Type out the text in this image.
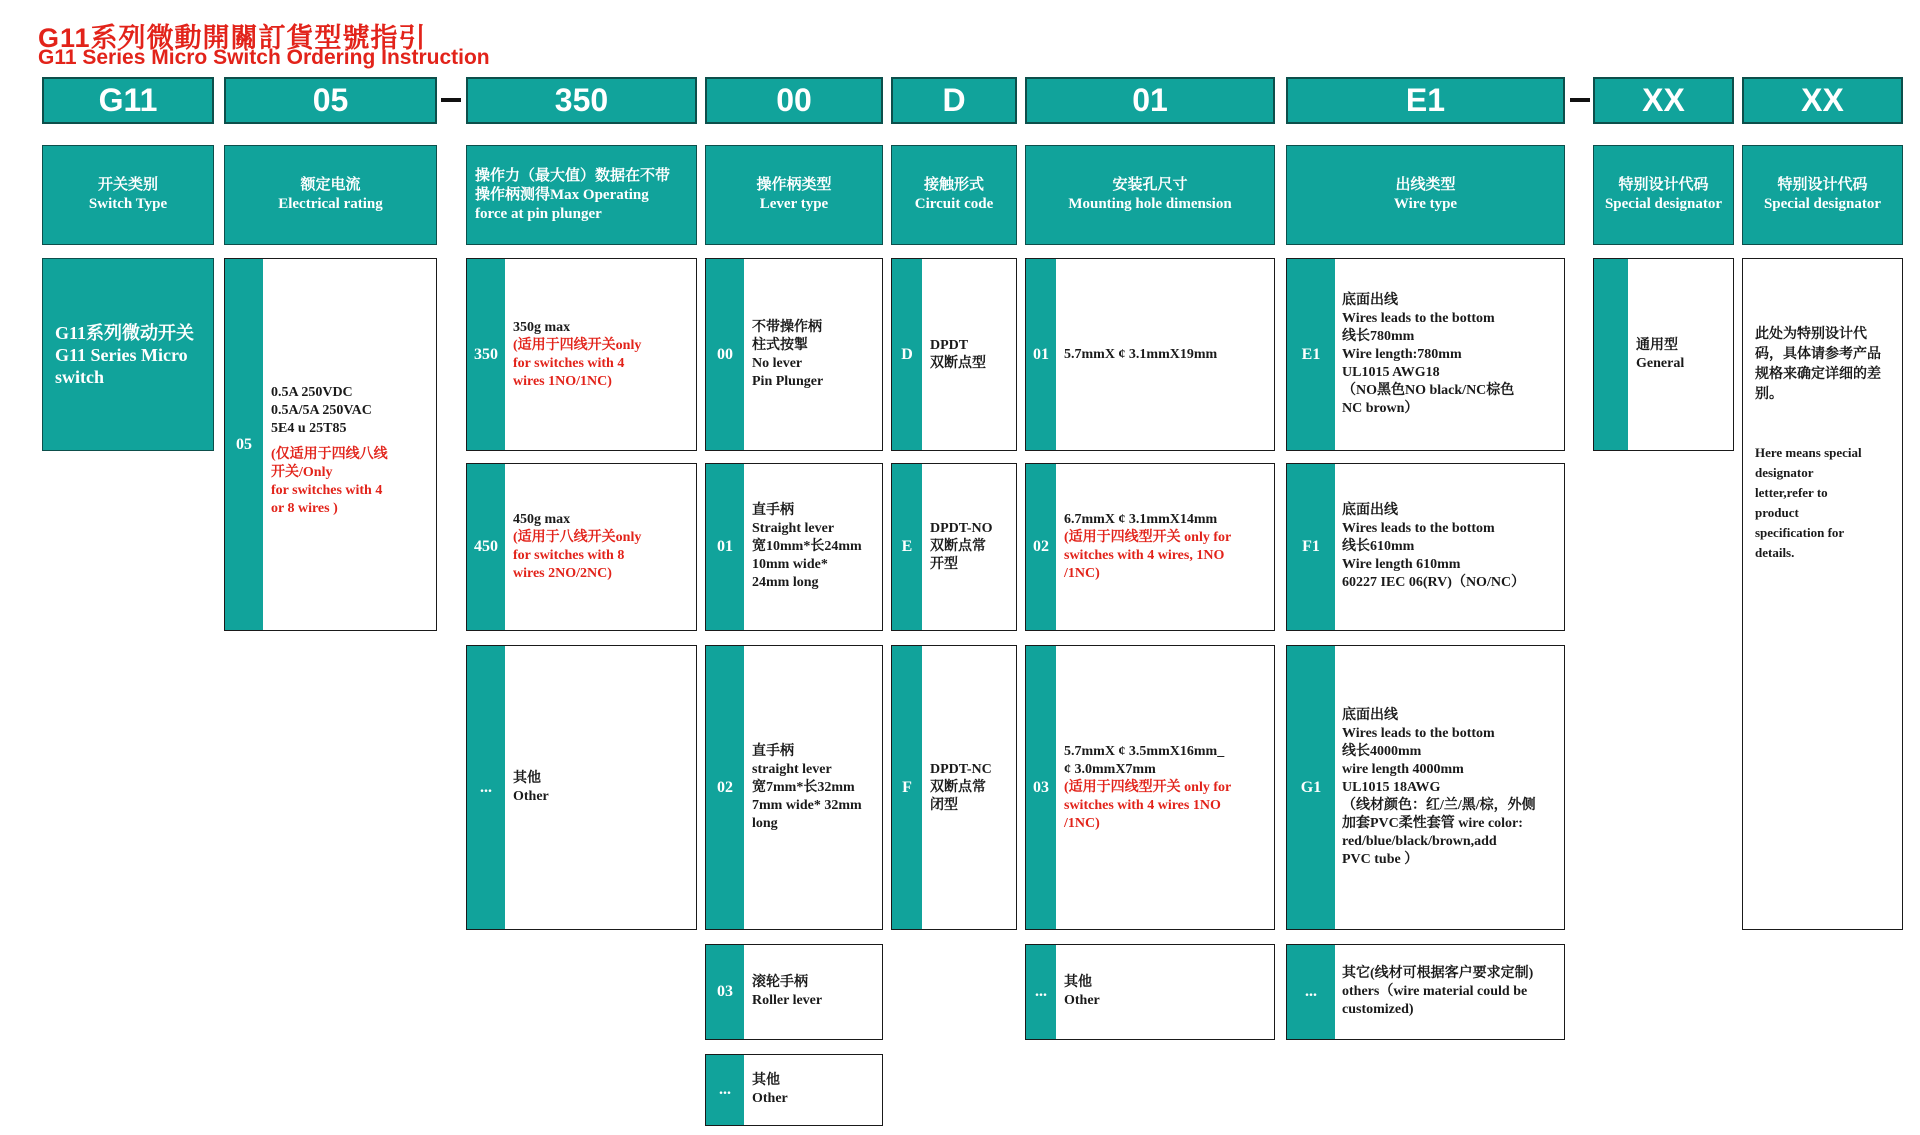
G11系列微動開關訂貨型號指引
G11 Series Micro Switch Ordering Instruction
G11	05	350	00	D	01	E1	XX	XX
开关类别
Switch Type
额定电流
Electrical rating
操作力（最大值）数据在不带
操作柄测得Max Operating
force at pin plunger
操作柄类型
Lever type
接触形式
Circuit code
安装孔尺寸
Mounting hole dimension
出线类型
Wire type
特别设计代码
Special designator
特别设计代码
Special designator
G11系列微动开关
G11 Series Micro
switch
05
0.5A 250VDC
0.5A/5A 250VAC
5E4 u 25T85
(仅适用于四线八线
开关/Only
for switches with 4
or 8 wires )
350
350g max
(适用于四线开关only
for switches with 4
wires 1NO/1NC)
450
450g max
(适用于八线开关only
for switches with 8
wires 2NO/2NC)
...
其他
Other
00
不带操作柄
柱式按掣
No lever
Pin Plunger
01
直手柄
Straight lever
宽10mm*长24mm
10mm wide*
24mm long
02
直手柄
straight lever
宽7mm*长32mm
7mm wide* 32mm
long
03
滚轮手柄
Roller lever
...
其他
Other
D
DPDT
双断点型
E
DPDT-NO
双断点常
开型
F
DPDT-NC
双断点常
闭型
01	5.7mmX ¢ 3.1mmX19mm
02
6.7mmX ¢ 3.1mmX14mm
(适用于四线型开关 only for
switches with 4 wires, 1NO
/1NC)
03
5.7mmX ¢ 3.5mmX16mm_
¢ 3.0mmX7mm
(适用于四线型开关 only for
switches with 4 wires 1NO
/1NC)
...
其他
Other
E1
底面出线
Wires leads to the bottom
线长780mm
Wire length:780mm
UL1015 AWG18
（NO黑色NO black/NC棕色
NC brown）
F1
底面出线
Wires leads to the bottom
线长610mm
Wire length 610mm
60227 IEC 06(RV)（NO/NC）
G1
底面出线
Wires leads to the bottom
线长4000mm
wire length 4000mm
UL1015 18AWG
（线材颜色：红/兰/黑/棕，外侧
加套PVC柔性套管 wire color:
red/blue/black/brown,add
PVC tube ）
...
其它(线材可根据客户要求定制)
others（wire material could be
customized)
通用型
General
此处为特别设计代
码，具体请参考产品
规格来确定详细的差
别。
Here means special
designator
letter,refer to
product
specification for
details.
